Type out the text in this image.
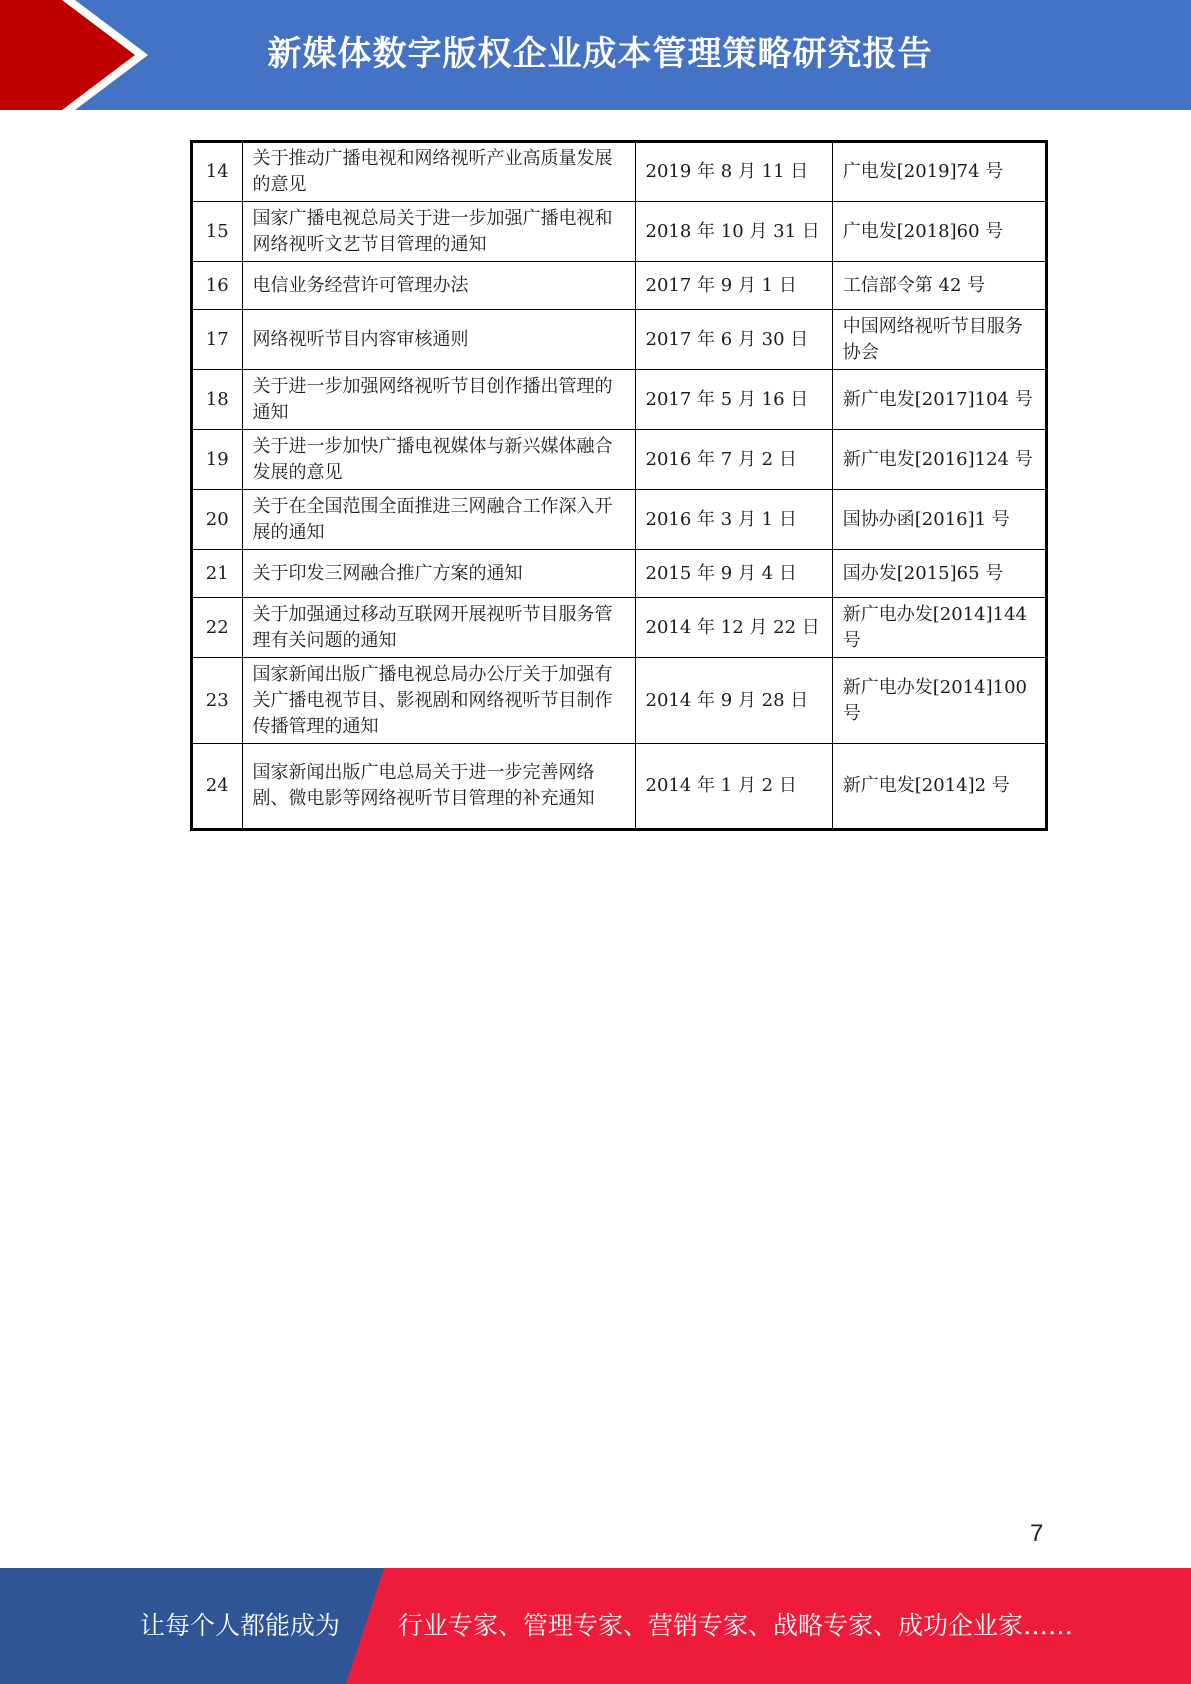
新媒体数字版权企业成本管理策略研究报告
14	关于推动广播电视和网络视听产业高质量发展的意见	2019 年 8 月 11 日	广电发[2019]74 号
15	国家广播电视总局关于进一步加强广播电视和网络视听文艺节目管理的通知	2018 年 10 月 31 日	广电发[2018]60 号
16	电信业务经营许可管理办法	2017 年 9 月 1 日	工信部令第 42 号
17	网络视听节目内容审核通则	2017 年 6 月 30 日	中国网络视听节目服务协会
18	关于进一步加强网络视听节目创作播出管理的通知	2017 年 5 月 16 日	新广电发[2017]104 号
19	关于进一步加快广播电视媒体与新兴媒体融合发展的意见	2016 年 7 月 2 日	新广电发[2016]124 号
20	关于在全国范围全面推进三网融合工作深入开展的通知	2016 年 3 月 1 日	国协办函[2016]1 号
21	关于印发三网融合推广方案的通知	2015 年 9 月 4 日	国办发[2015]65 号
22	关于加强通过移动互联网开展视听节目服务管理有关问题的通知	2014 年 12 月 22 日	新广电办发[2014]144 号
23	国家新闻出版广播电视总局办公厅关于加强有关广播电视节目、影视剧和网络视听节目制作传播管理的通知	2014 年 9 月 28 日	新广电办发[2014]100 号
24	国家新闻出版广电总局关于进一步完善网络剧、微电影等网络视听节目管理的补充通知	2014 年 1 月 2 日	新广电发[2014]2 号
7
让每个人都能成为 行业专家、管理专家、营销专家、战略专家、成功企业家……
